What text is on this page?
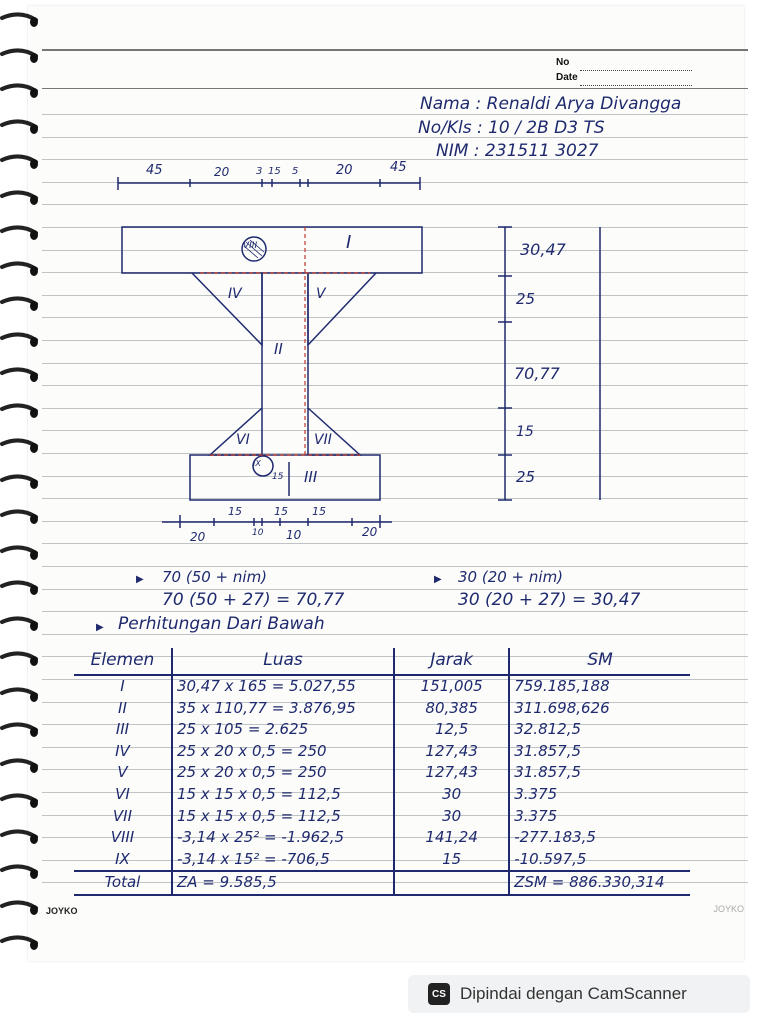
No
Date
Nama : Renaldi Arya Divangga
No/Kls : 10 / 2B D3 TS
NIM : 231511 3027
45	20	3 15 5	20	45
30,47
25
70,77
15
25
I
II
III
IV	V
VI	VII
VIII
IX
15
15	15 15
20	10 10	20
▶ 70 (50 + nim)
70 (50 + 27) = 70,77
▶ 30 (20 + nim)
30 (20 + 27) = 30,47
▶ Perhitungan Dari Bawah
Elemen	Luas	Jarak	SM
I	30,47 x 165 = 5.027,55	151,005	759.185,188
II	35 x 110,77 = 3.876,95	80,385	311.698,626
III	25 x 105 = 2.625	12,5	32.812,5
IV	25 x 20 x 0,5 = 250	127,43	31.857,5
V	25 x 20 x 0,5 = 250	127,43	31.857,5
VI	15 x 15 x 0,5 = 112,5	30	3.375
VII	15 x 15 x 0,5 = 112,5	30	3.375
VIII	-3,14 x 25² = -1.962,5	141,24	-277.183,5
IX	-3,14 x 15² = -706,5	15	-10.597,5
Total	ZA = 9.585,5		ZSM = 886.330,314
JOYKO	JOYKO
CS Dipindai dengan CamScanner
